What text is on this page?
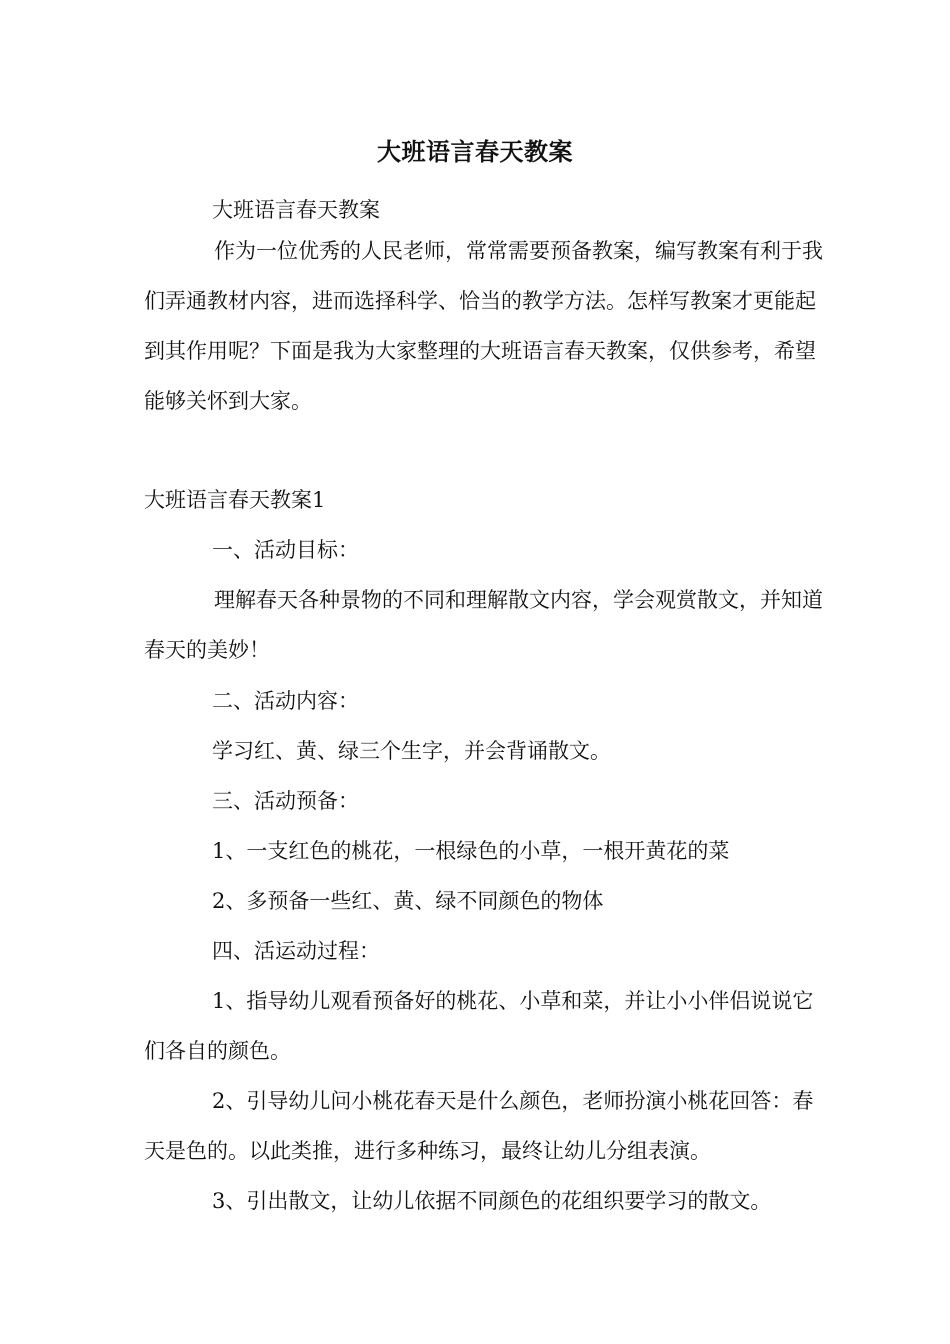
大班语言春天教案

大班语言春天教案

作为一位优秀的人民老师，常常需要预备教案，编写教案有利于我们弄通教材内容，进而选择科学、恰当的教学方法。怎样写教案才更能起到其作用呢？下面是我为大家整理的大班语言春天教案，仅供参考，希望能够关怀到大家。

大班语言春天教案1

一、活动目标：

理解春天各种景物的不同和理解散文内容，学会观赏散文，并知道春天的美妙！

二、活动内容：

学习红、黄、绿三个生字，并会背诵散文。

三、活动预备：

1、一支红色的桃花，一根绿色的小草，一根开黄花的菜

2、多预备一些红、黄、绿不同颜色的物体

四、活运动过程：

1、指导幼儿观看预备好的桃花、小草和菜，并让小小伴侣说说它们各自的颜色。

2、引导幼儿问小桃花春天是什么颜色，老师扮演小桃花回答：春天是色的。以此类推，进行多种练习，最终让幼儿分组表演。

3、引出散文，让幼儿依据不同颜色的花组织要学习的散文。
